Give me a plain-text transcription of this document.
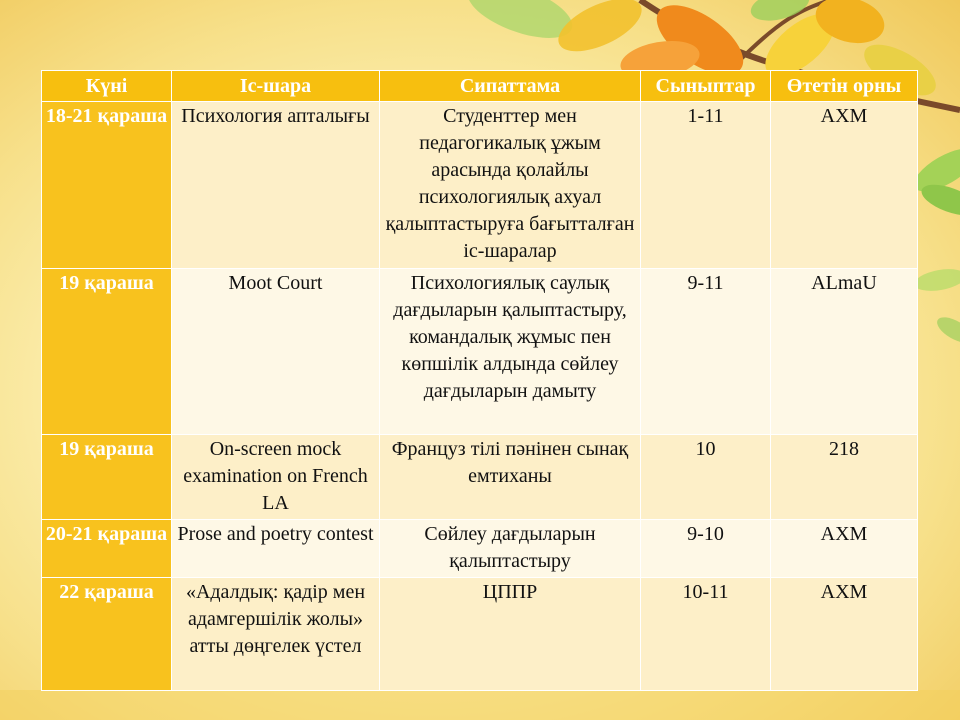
Күні	Іс-шара	Сипаттама	Сыныптар	Өтетін орны
18-21 қараша	Психология апталығы	Студенттер мен педагогикалық ұжым арасында қолайлы психологиялық ахуал қалыптастыруға бағытталған іс-шаралар	1-11	АХМ
19 қараша	Moot Court	Психологиялық саулық дағдыларын қалыптастыру, командалық жұмыс пен көпшілік алдында сөйлеу дағдыларын дамыту	9-11	ALmaU
19 қараша	On-screen mock examination on French LA	Француз тілі пәнінен сынақ емтиханы	10	218
20-21 қараша	Prose and poetry contest	Сөйлеу дағдыларын қалыптастыру	9-10	АХМ
22 қараша	«Адалдық: қадір мен адамгершілік жолы» атты дөңгелек үстел	ЦППР	10-11	АХМ
